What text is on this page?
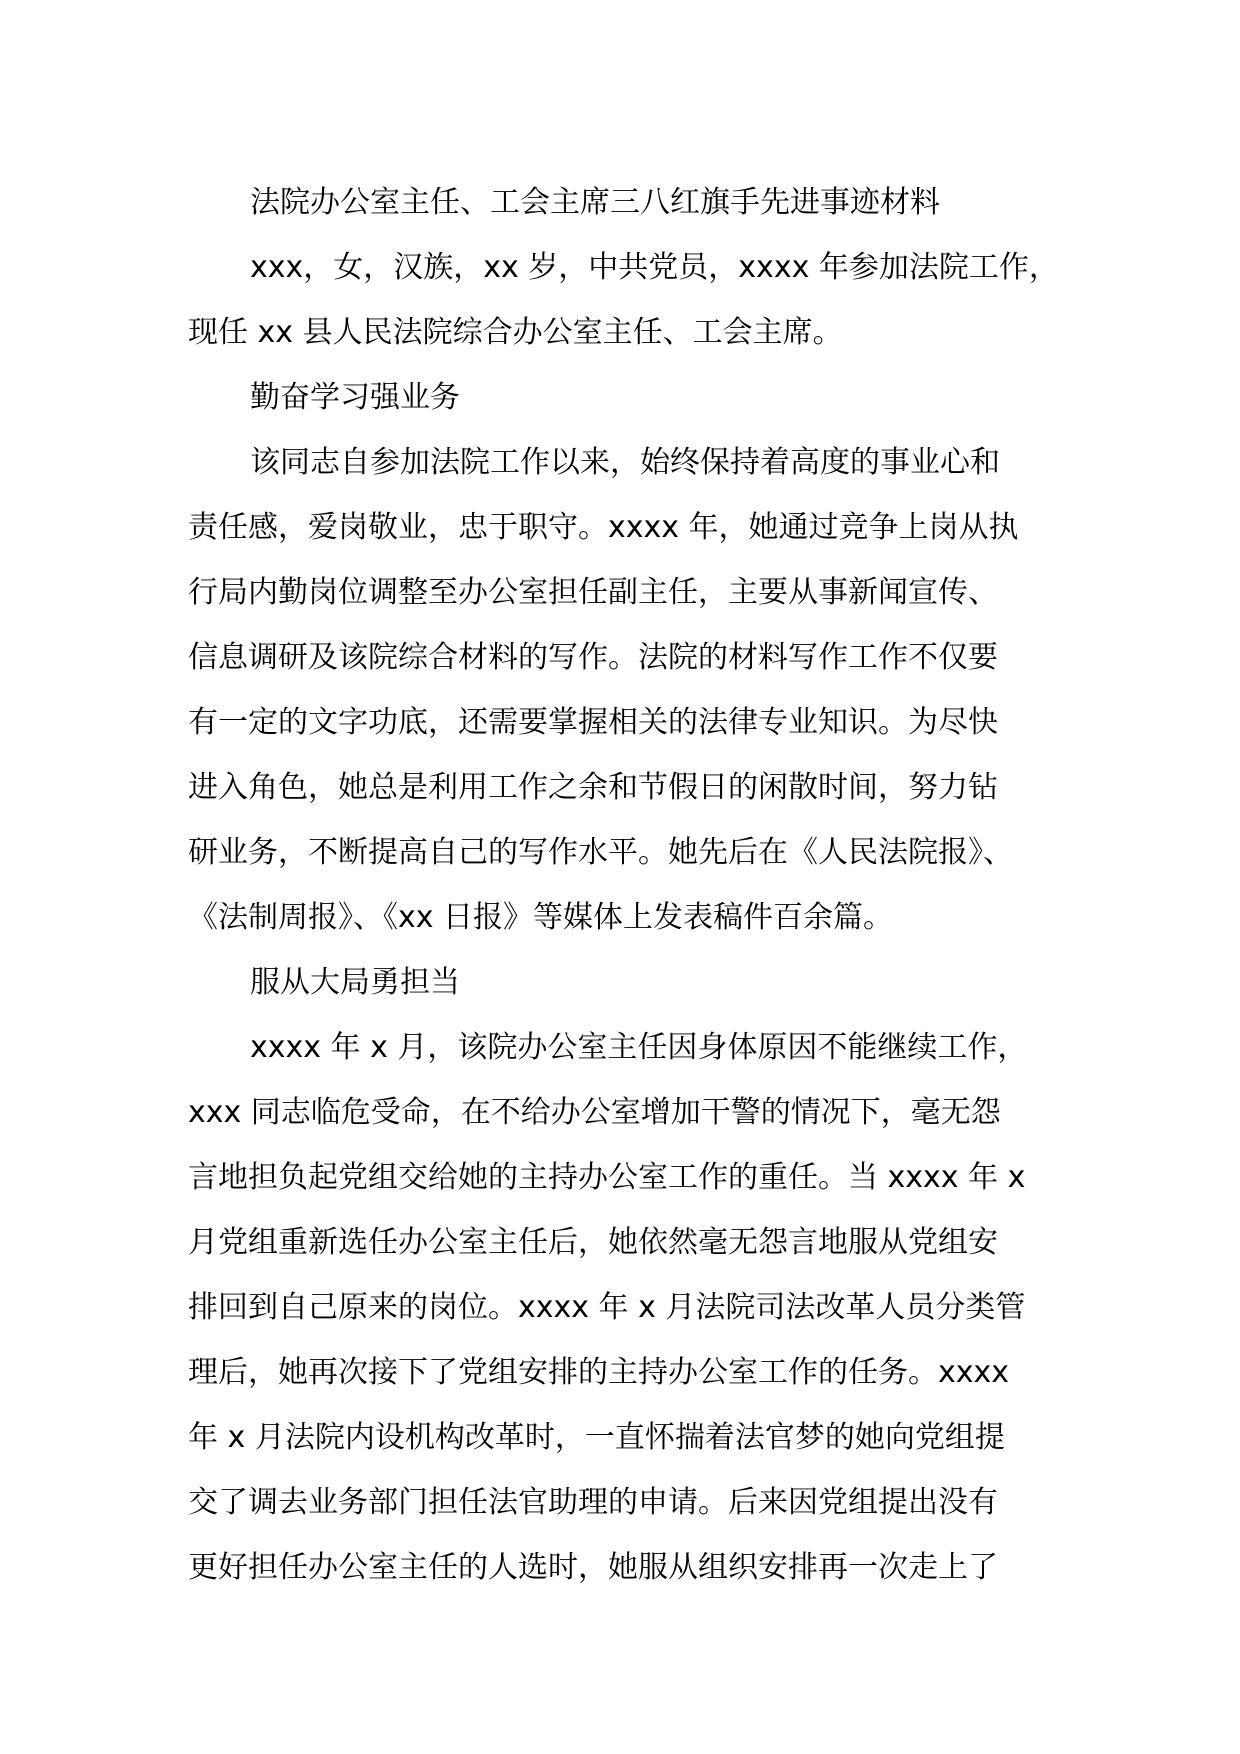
法院办公室主任、工会主席三八红旗手先进事迹材料
xxx，女，汉族，xx 岁，中共党员，xxxx 年参加法院工作，
现任 xx 县人民法院综合办公室主任、工会主席。
勤奋学习强业务
该同志自参加法院工作以来，始终保持着高度的事业心和
责任感，爱岗敬业，忠于职守。xxxx 年，她通过竞争上岗从执
行局内勤岗位调整至办公室担任副主任，主要从事新闻宣传、
信息调研及该院综合材料的写作。法院的材料写作工作不仅要
有一定的文字功底，还需要掌握相关的法律专业知识。为尽快
进入角色，她总是利用工作之余和节假日的闲散时间，努力钻
研业务，不断提高自己的写作水平。她先后在《人民法院报》、
《法制周报》、《xx 日报》等媒体上发表稿件百余篇。
服从大局勇担当
xxxx 年 x 月，该院办公室主任因身体原因不能继续工作，
xxx 同志临危受命，在不给办公室增加干警的情况下，毫无怨
言地担负起党组交给她的主持办公室工作的重任。当 xxxx 年 x
月党组重新选任办公室主任后，她依然毫无怨言地服从党组安
排回到自己原来的岗位。xxxx 年 x 月法院司法改革人员分类管
理后，她再次接下了党组安排的主持办公室工作的任务。xxxx
年 x 月法院内设机构改革时，一直怀揣着法官梦的她向党组提
交了调去业务部门担任法官助理的申请。后来因党组提出没有
更好担任办公室主任的人选时，她服从组织安排再一次走上了
